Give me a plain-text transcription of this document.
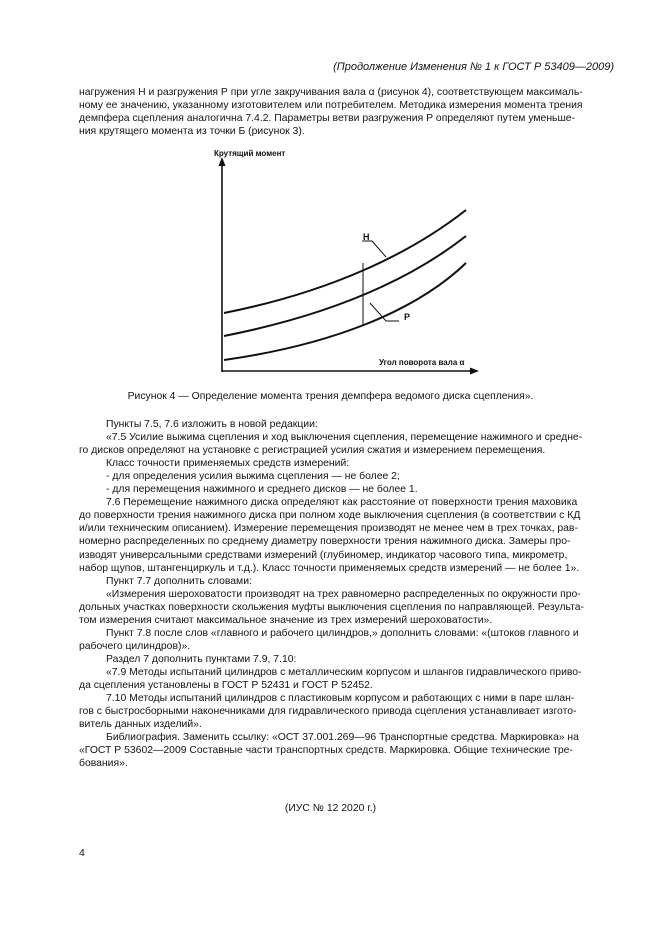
(Продолжение Изменения № 1 к ГОСТ Р 53409—2009)
нагружения Н и разгружения Р при угле закручивания вала α (рисунок 4), соответствующем максималь-
ному ее значению, указанному изготовителем или потребителем. Методика измерения момента трения
демпфера сцепления аналогична 7.4.2. Параметры ветви разгружения Р определяют путем уменьше-
ния крутящего момента из точки Б (рисунок 3).
Крутящий момент
Угол поворота вала α
Н
Р
Рисунок 4 — Определение момента трения демпфера ведомого диска сцепления».
Пункты 7.5, 7.6 изложить в новой редакции:
«7.5 Усилие выжима сцепления и ход выключения сцепления, перемещение нажимного и средне-
го дисков определяют на установке с регистрацией усилия сжатия и измерением перемещения.
Класс точности применяемых средств измерений:
- для определения усилия выжима сцепления — не более 2;
- для перемещения нажимного и среднего дисков — не более 1.
7.6 Перемещение нажимного диска определяют как расстояние от поверхности трения маховика
до поверхности трения нажимного диска при полном ходе выключения сцепления (в соответствии с КД
и/или техническим описанием). Измерение перемещения производят не менее чем в трех точках, рав-
номерно распределенных по среднему диаметру поверхности трения нажимного диска. Замеры про-
изводят универсальными средствами измерений (глубиномер, индикатор часового типа, микрометр,
набор щупов, штангенциркуль и т.д.). Класс точности применяемых средств измерений — не более 1».
Пункт 7.7 дополнить словами:
«Измерения шероховатости производят на трех равномерно распределенных по окружности про-
дольных участках поверхности скольжения муфты выключения сцепления по направляющей. Результа-
том измерения считают максимальное значение из трех измерений шероховатости».
Пункт 7.8 после слов «главного и рабочего цилиндров,» дополнить словами: «(штоков главного и
рабочего цилиндров)».
Раздел 7 дополнить пунктами 7.9, 7.10:
«7.9 Методы испытаний цилиндров с металлическим корпусом и шлангов гидравлического приво-
да сцепления установлены в ГОСТ Р 52431 и ГОСТ Р 52452.
7.10 Методы испытаний цилиндров с пластиковым корпусом и работающих с ними в паре шлан-
гов с быстросборными наконечниками для гидравлического привода сцепления устанавливает изгото-
витель данных изделий».
Библиография. Заменить ссылку: «ОСТ 37.001.269—96 Транспортные средства. Маркировка» на
«ГОСТ Р 53602—2009 Составные части транспортных средств. Маркировка. Общие технические тре-
бования».
(ИУС № 12 2020 г.)
4
